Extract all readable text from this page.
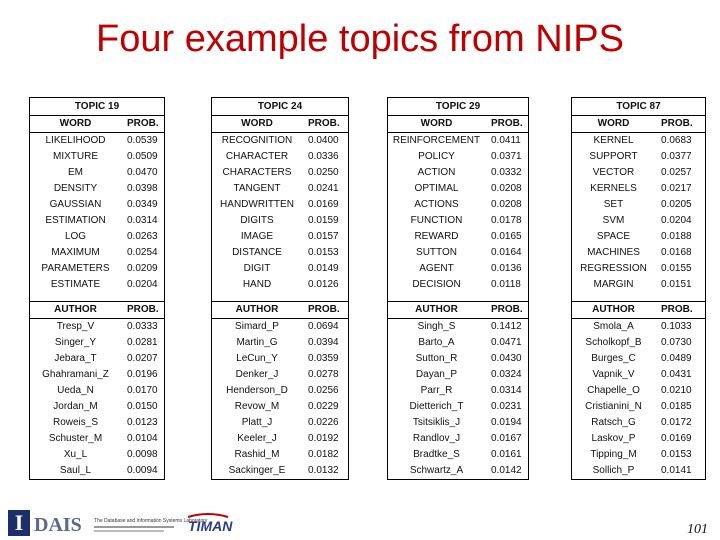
Four example topics from NIPS
TOPIC 19
WORD	PROB.
LIKELIHOOD	0.0539
MIXTURE	0.0509
EM	0.0470
DENSITY	0.0398
GAUSSIAN	0.0349
ESTIMATION	0.0314
LOG	0.0263
MAXIMUM	0.0254
PARAMETERS	0.0209
ESTIMATE	0.0204
AUTHOR	PROB.
Tresp_V	0.0333
Singer_Y	0.0281
Jebara_T	0.0207
Ghahramani_Z	0.0196
Ueda_N	0.0170
Jordan_M	0.0150
Roweis_S	0.0123
Schuster_M	0.0104
Xu_L	0.0098
Saul_L	0.0094
TOPIC 24
WORD	PROB.
RECOGNITION	0.0400
CHARACTER	0.0336
CHARACTERS	0.0250
TANGENT	0.0241
HANDWRITTEN	0.0169
DIGITS	0.0159
IMAGE	0.0157
DISTANCE	0.0153
DIGIT	0.0149
HAND	0.0126
AUTHOR	PROB.
Simard_P	0.0694
Martin_G	0.0394
LeCun_Y	0.0359
Denker_J	0.0278
Henderson_D	0.0256
Revow_M	0.0229
Platt_J	0.0226
Keeler_J	0.0192
Rashid_M	0.0182
Sackinger_E	0.0132
TOPIC 29
WORD	PROB.
REINFORCEMENT	0.0411
POLICY	0.0371
ACTION	0.0332
OPTIMAL	0.0208
ACTIONS	0.0208
FUNCTION	0.0178
REWARD	0.0165
SUTTON	0.0164
AGENT	0.0136
DECISION	0.0118
AUTHOR	PROB.
Singh_S	0.1412
Barto_A	0.0471
Sutton_R	0.0430
Dayan_P	0.0324
Parr_R	0.0314
Dietterich_T	0.0231
Tsitsiklis_J	0.0194
Randlov_J	0.0167
Bradtke_S	0.0161
Schwartz_A	0.0142
TOPIC 87
WORD	PROB.
KERNEL	0.0683
SUPPORT	0.0377
VECTOR	0.0257
KERNELS	0.0217
SET	0.0205
SVM	0.0204
SPACE	0.0188
MACHINES	0.0168
REGRESSION	0.0155
MARGIN	0.0151
AUTHOR	PROB.
Smola_A	0.1033
Scholkopf_B	0.0730
Burges_C	0.0489
Vapnik_V	0.0431
Chapelle_O	0.0210
Cristianini_N	0.0185
Ratsch_G	0.0172
Laskov_P	0.0169
Tipping_M	0.0153
Sollich_P	0.0141
I DAIS The Database and Information Systems Laboratory
TIMAN	101
